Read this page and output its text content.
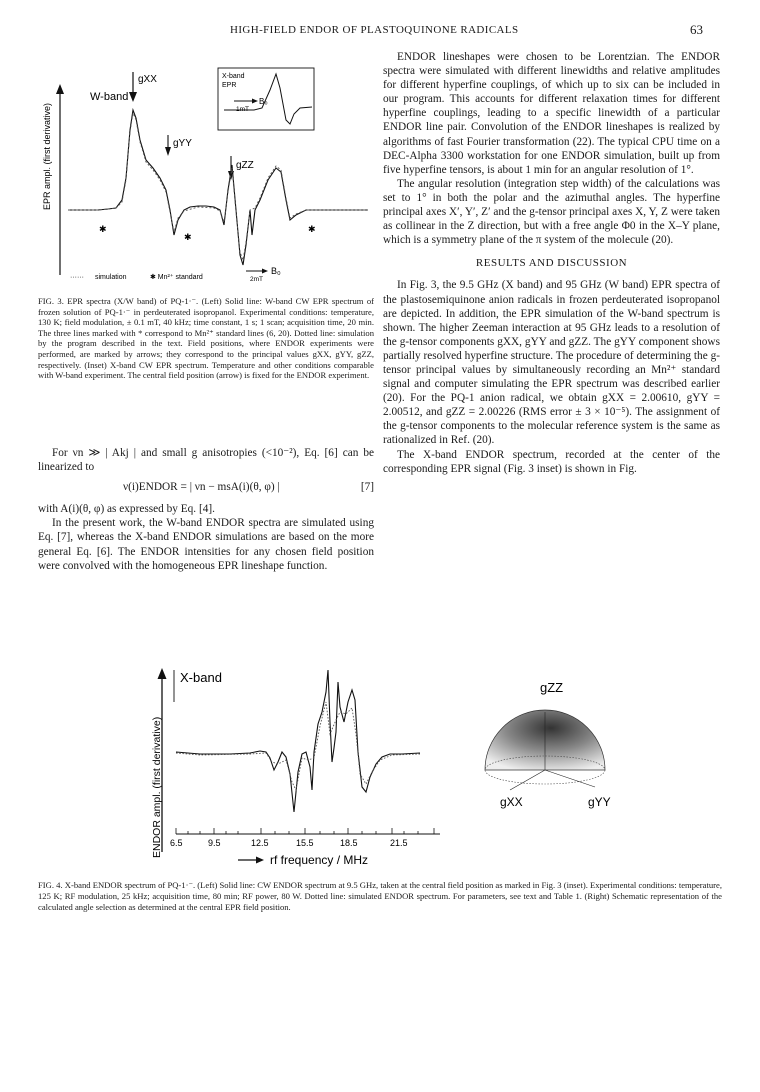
HIGH-FIELD ENDOR OF PLASTOQUINONE RADICALS	63
EPR ampl. (first derivative)
W-band
gXX
gYY
gZZ
✱
✱
✱
X-band
EPR
B₀
1mT
······ simulation	✱ Mn²⁺ standard
B₀
2mT
FIG. 3. EPR spectra (X/W band) of PQ-1·⁻. (Left) Solid line: W-band CW EPR spectrum of frozen solution of PQ-1·⁻ in perdeuterated isopropanol. Experimental conditions: temperature, 130 K; field modulation, ± 0.1 mT, 40 kHz; time constant, 1 s; 1 scan; acquisition time, 20 min. The three lines marked with * correspond to Mn²⁺ standard lines (6, 20). Dotted line: simulation by the program described in the text. Field positions, where ENDOR experiments were performed, are marked by arrows; they correspond to the principal values gXX, gYY, gZZ, respectively. (Inset) X-band CW EPR spectrum. Temperature and other conditions comparable with W-band experiment. The central field position (arrow) is fixed for the ENDOR experiment.

For νn ≫ | Akj | and small g anisotropies (<10⁻²), Eq. [6] can be linearized to

ν(i)ENDOR = | νn − msA(i)(θ, φ) |	[7]

with A(i)(θ, φ) as expressed by Eq. [4].

In the present work, the W-band ENDOR spectra are simulated using Eq. [7], whereas the X-band ENDOR simulations are based on the more general Eq. [6]. The ENDOR intensities for any chosen field position were convolved with the homogeneous EPR lineshape function.

ENDOR lineshapes were chosen to be Lorentzian. The ENDOR spectra were simulated with different linewidths and relative amplitudes for different hyperfine couplings, of which up to six can be included in our program. This accounts for different relaxation times for different hyperfine couplings, leading to a specific linewidth of a particular ENDOR line pair. Convolution of the ENDOR lineshapes is realized by algorithms of fast Fourier transformation (22). The typical CPU time on a DEC-Alpha 3300 workstation for one ENDOR simulation, built up from five hyperfine tensors, is about 1 min for an angular resolution of 1°.

The angular resolution (integration step width) of the calculations was set to 1° in both the polar and the azimuthal angles. The hyperfine principal axes X′, Y′, Z′ and the g-tensor principal axes X, Y, Z were taken as collinear in the Z direction, but with a free angle Φ0 in the X–Y plane, which is a symmetry plane of the π system of the molecule (20).

RESULTS AND DISCUSSION

In Fig. 3, the 9.5 GHz (X band) and 95 GHz (W band) EPR spectra of the plastosemiquinone anion radicals in frozen perdeuterated isopropanol are depicted. In addition, the EPR simulation of the W-band spectrum is shown. The higher Zeeman interaction at 95 GHz leads to a resolution of the g-tensor components gXX, gYY and gZZ. The gYY component shows partially resolved hyperfine structure. The procedure of determining the g-tensor principal values by simultaneously recording an Mn²⁺ standard signal and computer simulating the EPR spectrum was described earlier (20). For the PQ-1 anion radical, we obtain gXX = 2.00610, gYY = 2.00512, and gZZ = 2.00226 (RMS error ± 3 × 10⁻⁵). The assignment of the g-tensor components to the molecular reference system is the same as rationalized in Ref. (20).

The X-band ENDOR spectrum, recorded at the center of the corresponding EPR signal (Fig. 3 inset) is shown in Fig.

ENDOR ampl. (first derivative)
X-band
6.5	9.5	12.5	15.5	18.5	21.5
rf frequency / MHz
gZZ
gXX	gYY
FIG. 4. X-band ENDOR spectrum of PQ-1·⁻. (Left) Solid line: CW ENDOR spectrum at 9.5 GHz, taken at the central field position as marked in Fig. 3 (inset). Experimental conditions: temperature, 125 K; RF modulation, 25 kHz; acquisition time, 80 min; RF power, 80 W. Dotted line: simulated ENDOR spectrum. For parameters, see text and Table 1. (Right) Schematic representation of the calculated angle selection as determined at the central EPR field position.
